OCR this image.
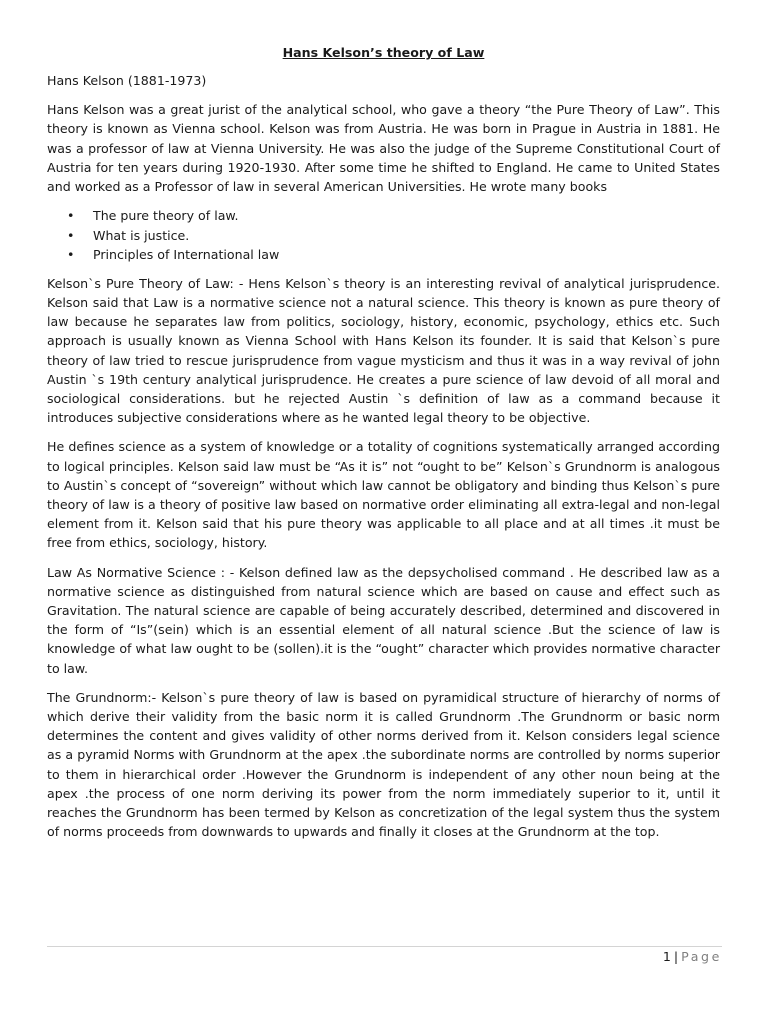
Hans Kelson’s theory of Law

Hans Kelson (1881-1973)

Hans Kelson was a great jurist of the analytical school, who gave a theory “the Pure Theory of Law”. This theory is known as Vienna school. Kelson was from Austria. He was born in Prague in Austria in 1881. He was a professor of law at Vienna University. He was also the judge of the Supreme Constitutional Court of Austria for ten years during 1920-1930. After some time he shifted to England. He came to United States and worked as a Professor of law in several American Universities. He wrote many books

• The pure theory of law.
• What is justice.
• Principles of International law

Kelson`s Pure Theory of Law: - Hens Kelson`s theory is an interesting revival of analytical jurisprudence. Kelson said that Law is a normative science not a natural science. This theory is known as pure theory of law because he separates law from politics, sociology, history, economic, psychology, ethics etc. Such approach is usually known as Vienna School with Hans Kelson its founder. It is said that Kelson`s pure theory of law tried to rescue jurisprudence from vague mysticism and thus it was in a way revival of john Austin `s 19th century analytical jurisprudence. He creates a pure science of law devoid of all moral and sociological considerations. but he rejected Austin `s definition of law as a command because it introduces subjective considerations where as he wanted legal theory to be objective.

He defines science as a system of knowledge or a totality of cognitions systematically arranged according to logical principles. Kelson said law must be “As it is” not “ought to be” Kelson`s Grundnorm is analogous to Austin`s concept of “sovereign” without which law cannot be obligatory and binding thus Kelson`s pure theory of law is a theory of positive law based on normative order eliminating all extra-legal and non-legal element from it. Kelson said that his pure theory was applicable to all place and at all times .it must be free from ethics, sociology, history.

Law As Normative Science : - Kelson defined law as the depsycholised command . He described law as a normative science as distinguished from natural science which are based on cause and effect such as Gravitation. The natural science are capable of being accurately described, determined and discovered in the form of “Is”(sein) which is an essential element of all natural science .But the science of law is knowledge of what law ought to be (sollen).it is the “ought” character which provides normative character to law.

The Grundnorm:- Kelson`s pure theory of law is based on pyramidical structure of hierarchy of norms of which derive their validity from the basic norm it is called Grundnorm .The Grundnorm or basic norm determines the content and gives validity of other norms derived from it. Kelson considers legal science as a pyramid Norms with Grundnorm at the apex .the subordinate norms are controlled by norms superior to them in hierarchical order .However the Grundnorm is independent of any other noun being at the apex .the process of one norm deriving its power from the norm immediately superior to it, until it reaches the Grundnorm has been termed by Kelson as concretization of the legal system thus the system of norms proceeds from downwards to upwards and finally it closes at the Grundnorm at the top.

1 | Page
